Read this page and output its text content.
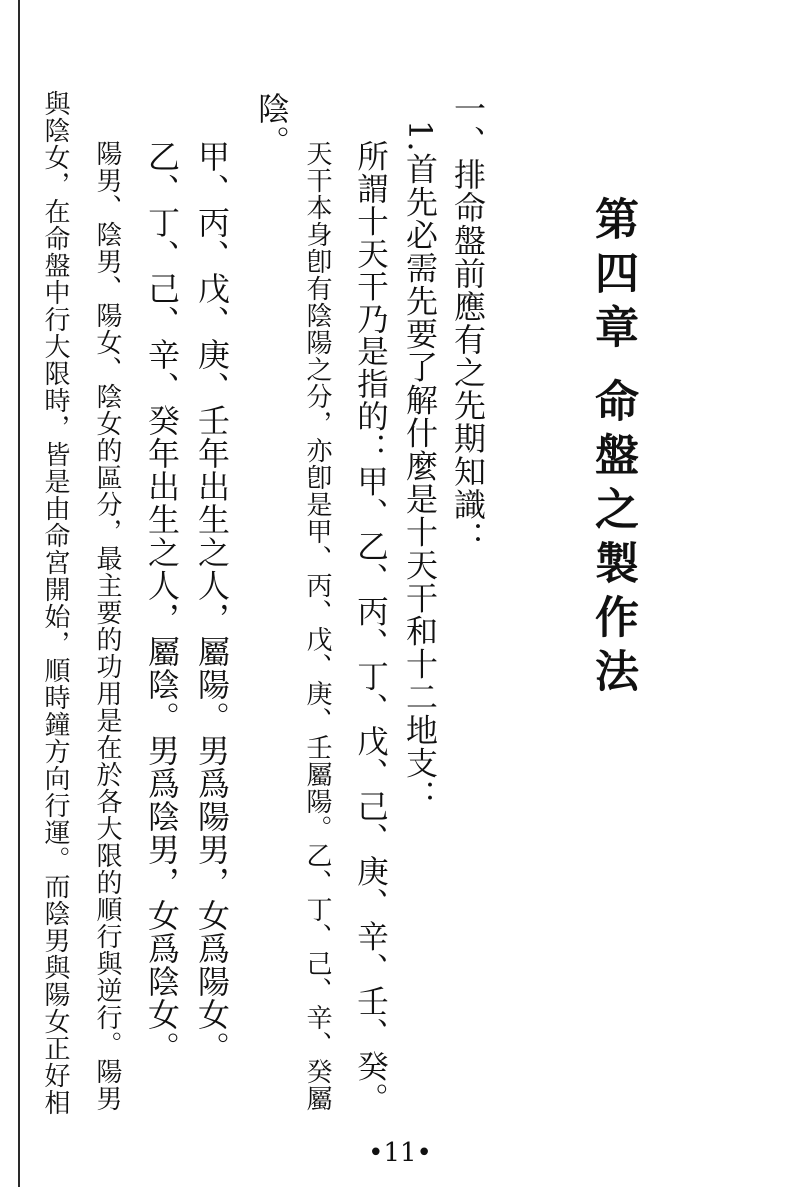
第四章
命盤之製作法
一、排命盤前應有之先期知識：
陰。	1.首先必需先要了解什麼是十天干和十二地支：
所謂十天干乃是指的：甲、乙、丙、丁、戊、己、庚、辛、壬、癸。
天干本身卽有陰陽之分，亦卽是甲、丙、戊、庚、壬屬陽。乙、丁、己、辛、癸屬
甲、丙、戊、庚、壬年出生之人，屬陽。男爲陽男，女爲陽女。
乙、丁、己、辛、癸年出生之人，屬陰。男爲陰男，女爲陰女。
陽男、陰男、陽女、陰女的區分，最主要的功用是在於各大限的順行與逆行。陽男
與陰女，在命盤中行大限時，皆是由命宮開始，順時鐘方向行運。而陰男與陽女正好相
•11•
